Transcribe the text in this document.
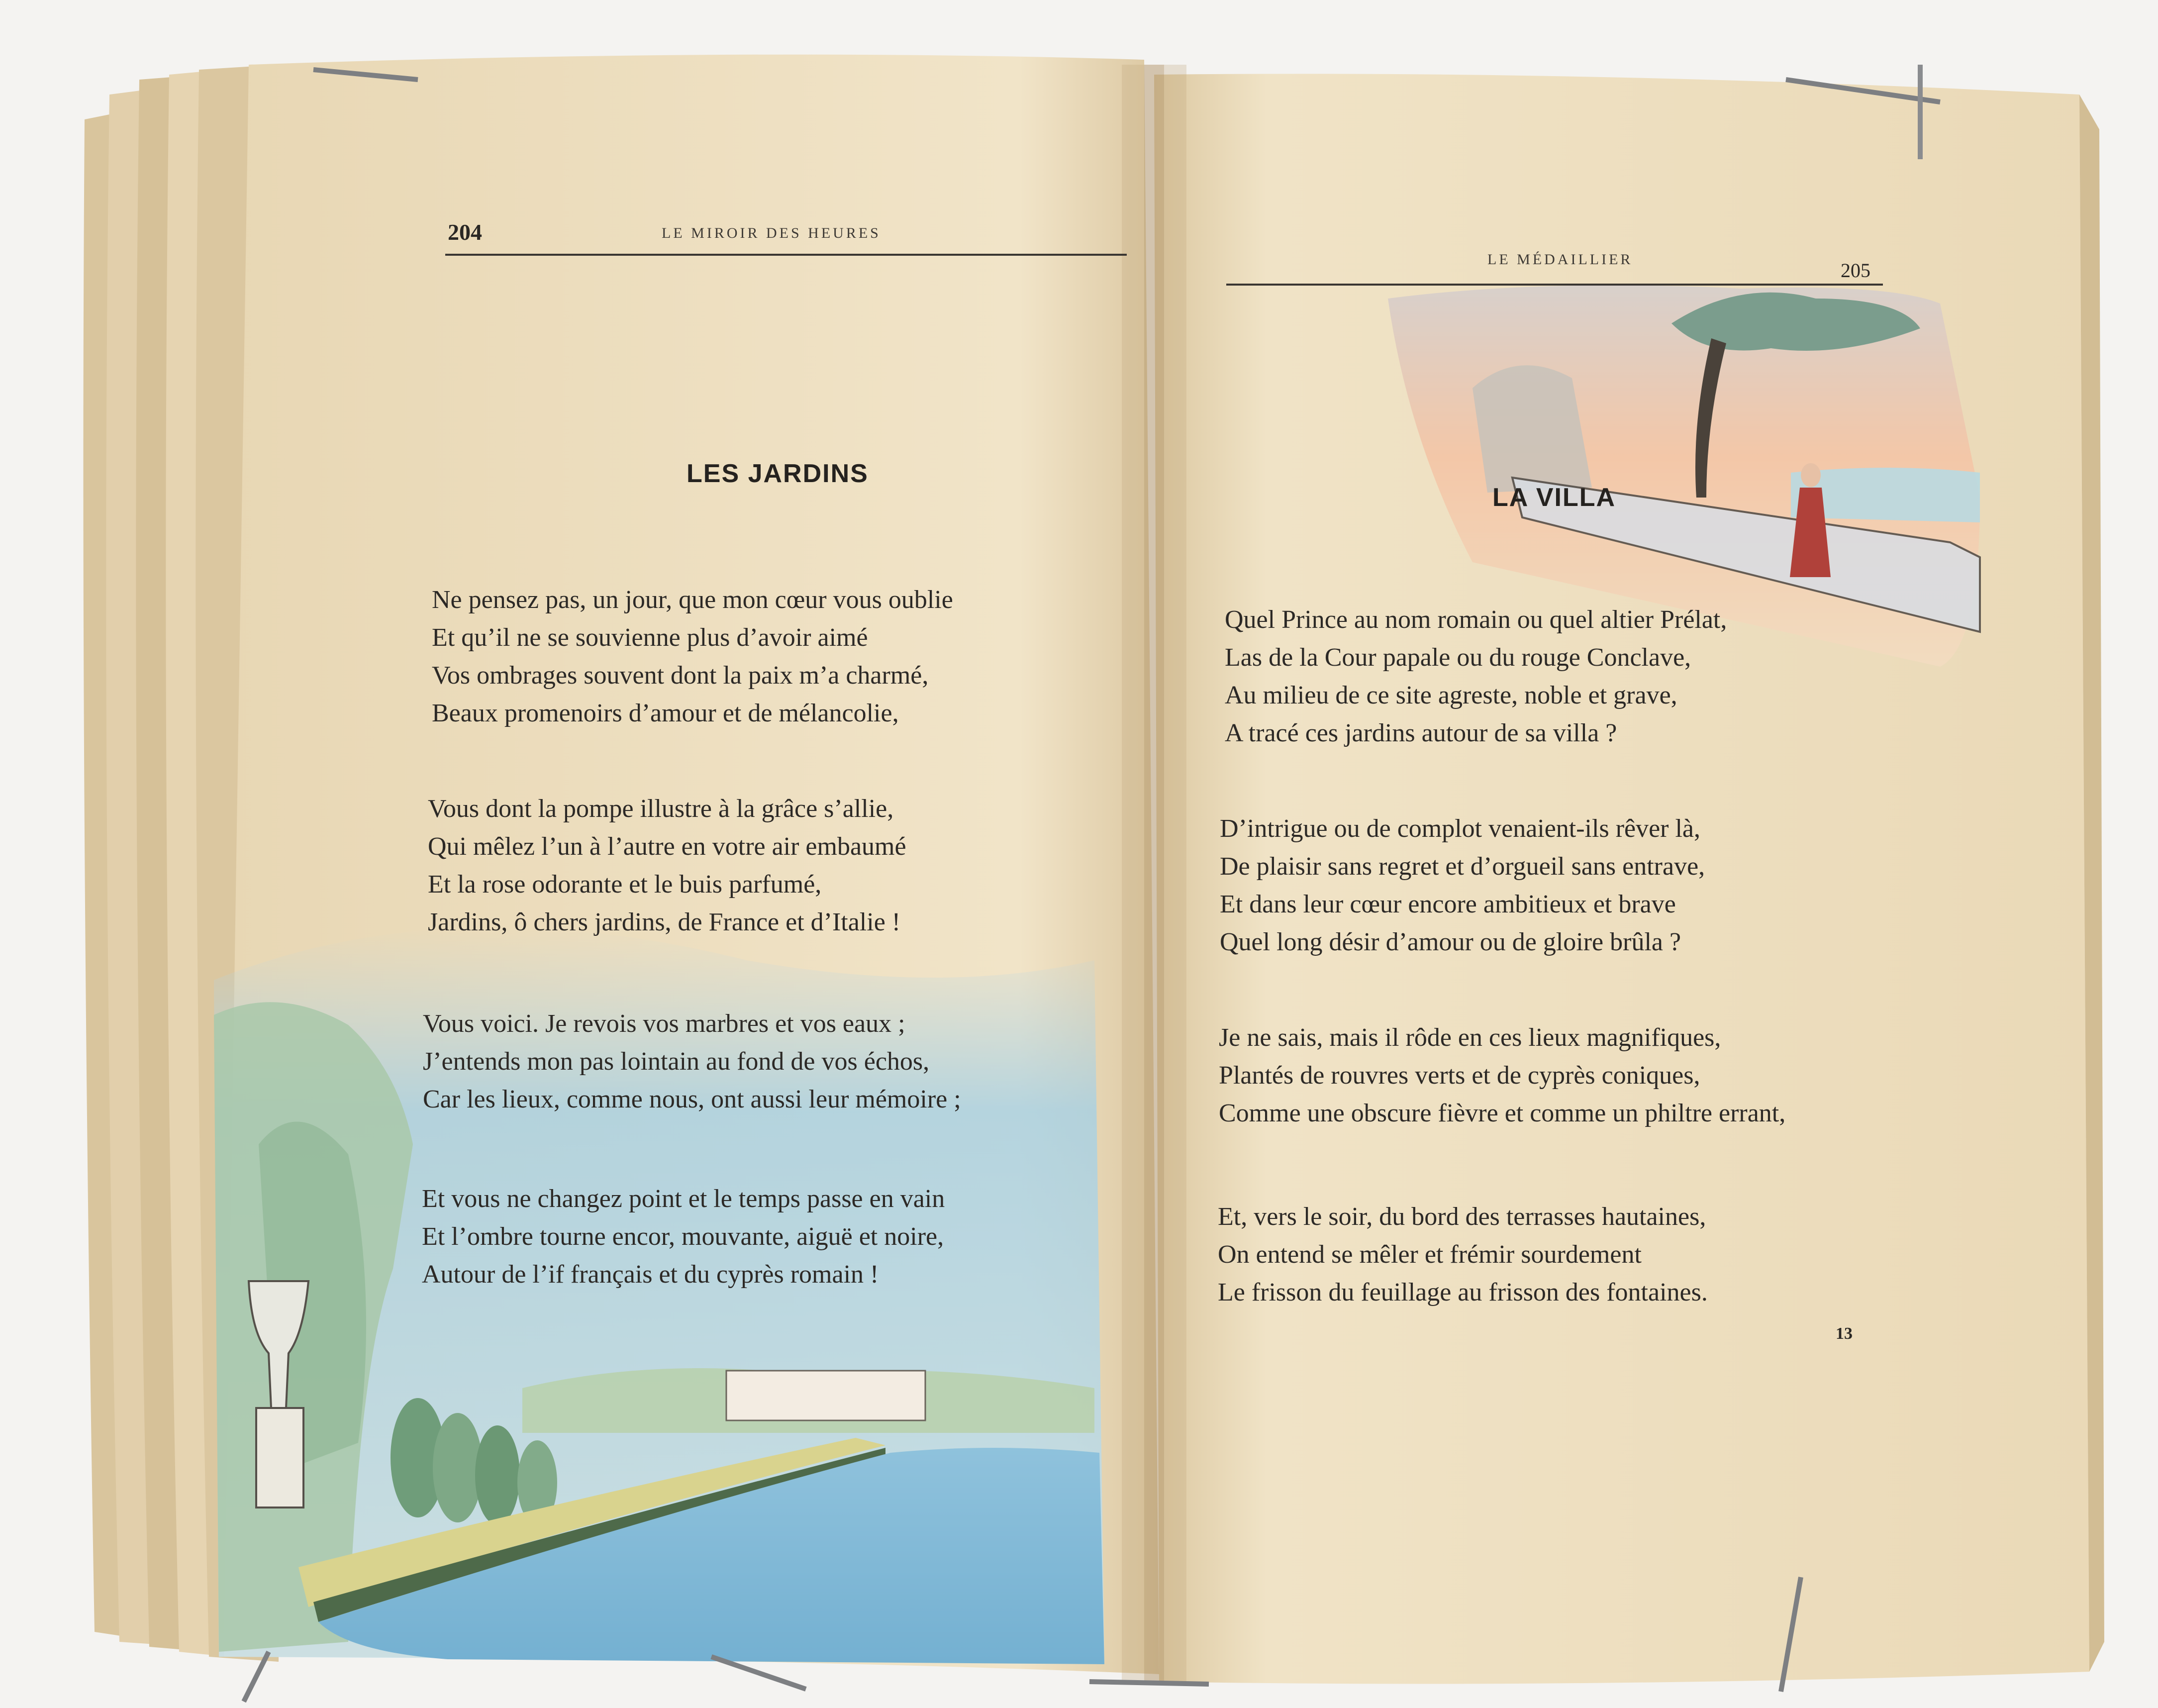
204	LE MIROIR DES HEURES
LES JARDINS
Ne pensez pas, un jour, que mon cœur vous oublie
Et qu’il ne se souvienne plus d’avoir aimé
Vos ombrages souvent dont la paix m’a charmé,
Beaux promenoirs d’amour et de mélancolie,
Vous dont la pompe illustre à la grâce s’allie,
Qui mêlez l’un à l’autre en votre air embaumé
Et la rose odorante et le buis parfumé,
Jardins, ô chers jardins, de France et d’Italie !
Vous voici. Je revois vos marbres et vos eaux ;
J’entends mon pas lointain au fond de vos échos,
Car les lieux, comme nous, ont aussi leur mémoire ;
Et vous ne changez point et le temps passe en vain
Et l’ombre tourne encor, mouvante, aiguë et noire,
Autour de l’if français et du cyprès romain !
LE MÉDAILLIER	205
LA VILLA
Quel Prince au nom romain ou quel altier Prélat,
Las de la Cour papale ou du rouge Conclave,
Au milieu de ce site agreste, noble et grave,
A tracé ces jardins autour de sa villa ?
D’intrigue ou de complot venaient-ils rêver là,
De plaisir sans regret et d’orgueil sans entrave,
Et dans leur cœur encore ambitieux et brave
Quel long désir d’amour ou de gloire brûla ?
Je ne sais, mais il rôde en ces lieux magnifiques,
Plantés de rouvres verts et de cyprès coniques,
Comme une obscure fièvre et comme un philtre errant,
Et, vers le soir, du bord des terrasses hautaines,
On entend se mêler et frémir sourdement
Le frisson du feuillage au frisson des fontaines.
13
